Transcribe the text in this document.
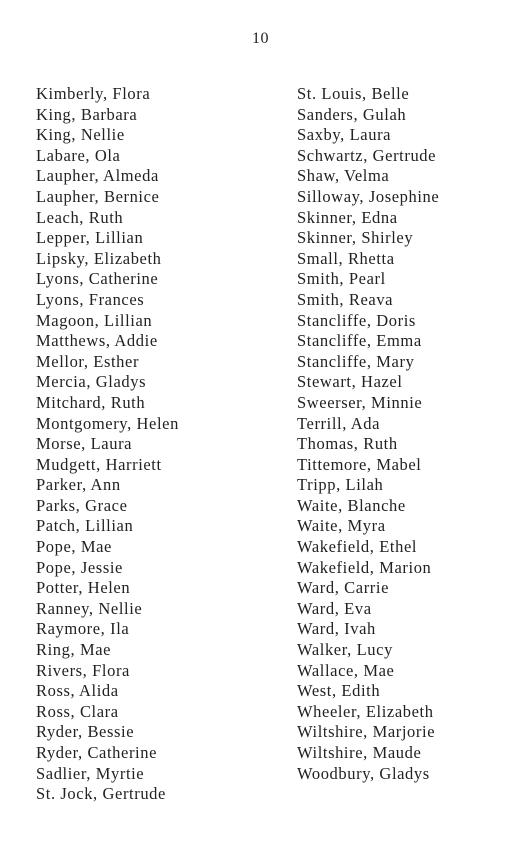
10
Kimberly, Flora
King, Barbara
King, Nellie
Labare, Ola
Laupher, Almeda
Laupher, Bernice
Leach, Ruth
Lepper, Lillian
Lipsky, Elizabeth
Lyons, Catherine
Lyons, Frances
Magoon, Lillian
Matthews, Addie
Mellor, Esther
Mercia, Gladys
Mitchard, Ruth
Montgomery, Helen
Morse, Laura
Mudgett, Harriett
Parker, Ann
Parks, Grace
Patch, Lillian
Pope, Mae
Pope, Jessie
Potter, Helen
Ranney, Nellie
Raymore, Ila
Ring, Mae
Rivers, Flora
Ross, Alida
Ross, Clara
Ryder, Bessie
Ryder, Catherine
Sadlier, Myrtie
St. Jock, Gertrude
St. Louis, Belle
Sanders, Gulah
Saxby, Laura
Schwartz, Gertrude
Shaw, Velma
Silloway, Josephine
Skinner, Edna
Skinner, Shirley
Small, Rhetta
Smith, Pearl
Smith, Reava
Stancliffe, Doris
Stancliffe, Emma
Stancliffe, Mary
Stewart, Hazel
Sweerser, Minnie
Terrill, Ada
Thomas, Ruth
Tittemore, Mabel
Tripp, Lilah
Waite, Blanche
Waite, Myra
Wakefield, Ethel
Wakefield, Marion
Ward, Carrie
Ward, Eva
Ward, Ivah
Walker, Lucy
Wallace, Mae
West, Edith
Wheeler, Elizabeth
Wiltshire, Marjorie
Wiltshire, Maude
Woodbury, Gladys
